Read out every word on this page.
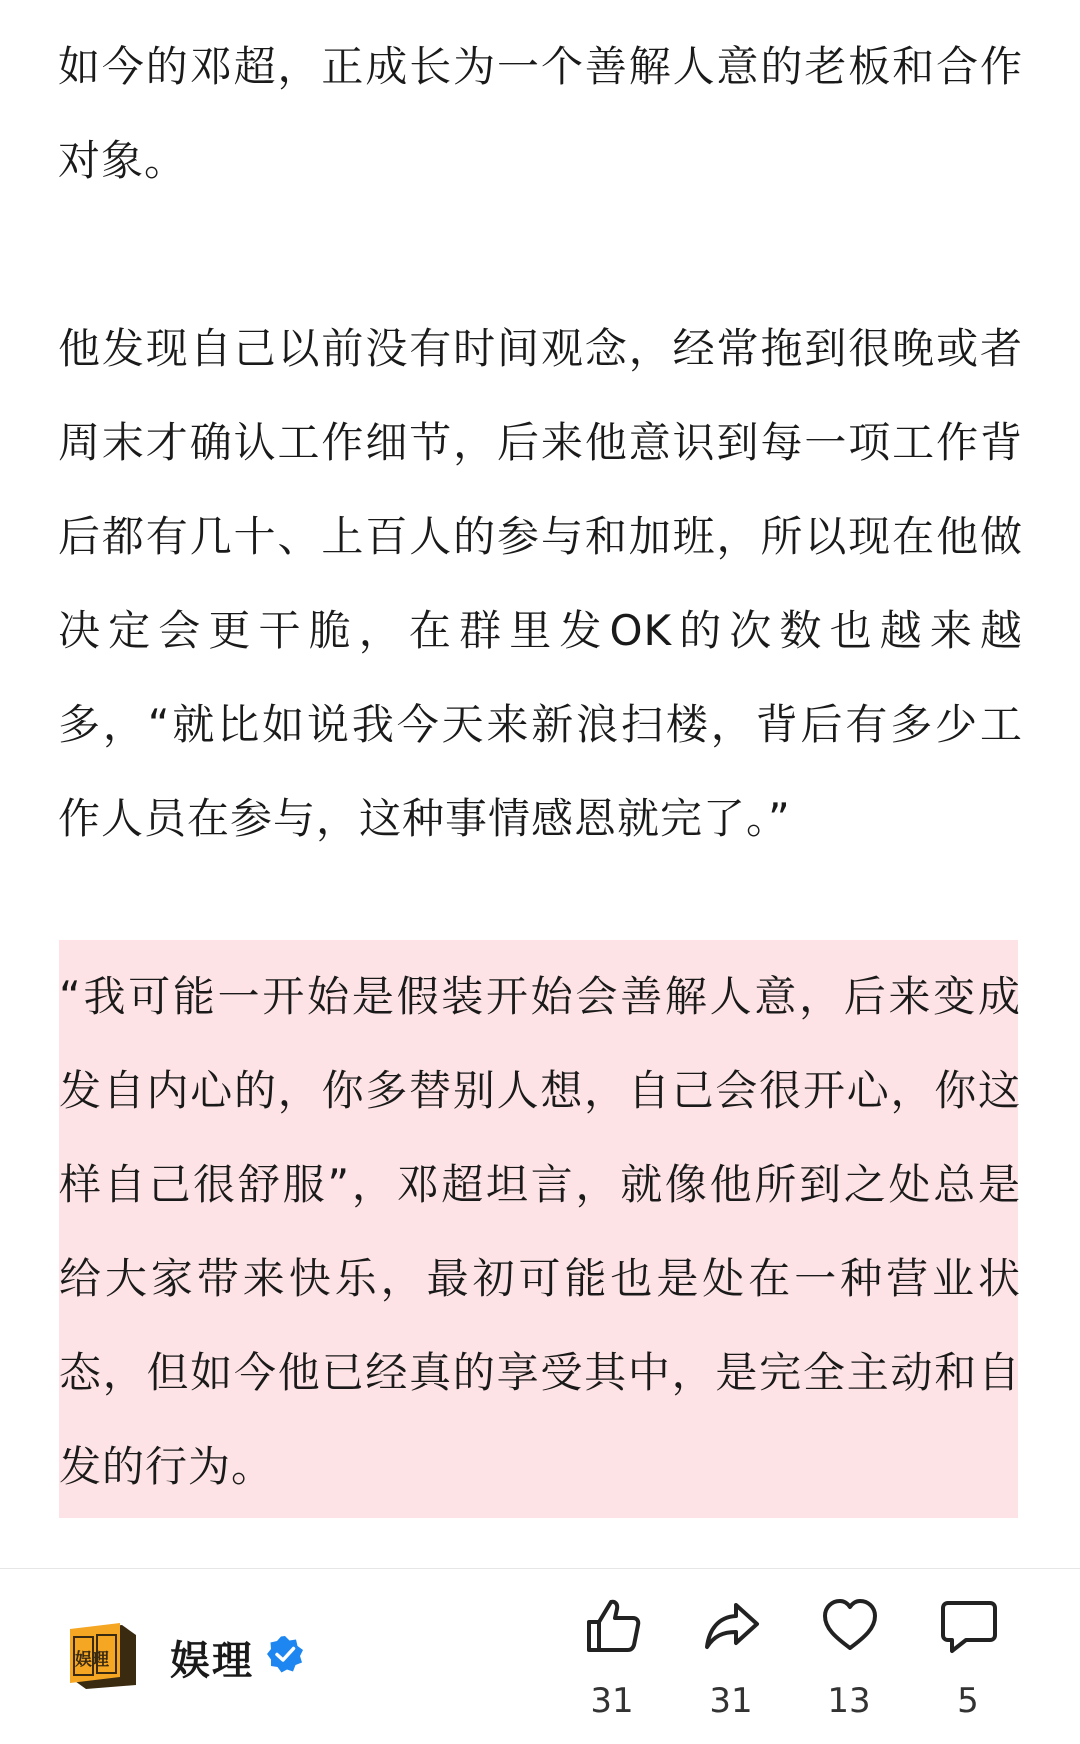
如今的邓超，正成长为一个善解人意的老板和合作对象。

他发现自己以前没有时间观念，经常拖到很晚或者周末才确认工作细节，后来他意识到每一项工作背后都有几十、上百人的参与和加班，所以现在他做决定会更干脆，在群里发OK的次数也越来越多，“就比如说我今天来新浪扫楼，背后有多少工作人员在参与，这种事情感恩就完了。”

“我可能一开始是假装开始会善解人意，后来变成发自内心的，你多替别人想，自己会很开心，你这样自己很舒服”，邓超坦言，就像他所到之处总是给大家带来快乐，最初可能也是处在一种营业状态，但如今他已经真的享受其中，是完全主动和自发的行为。

娱理 娱理
31	31	13	5
